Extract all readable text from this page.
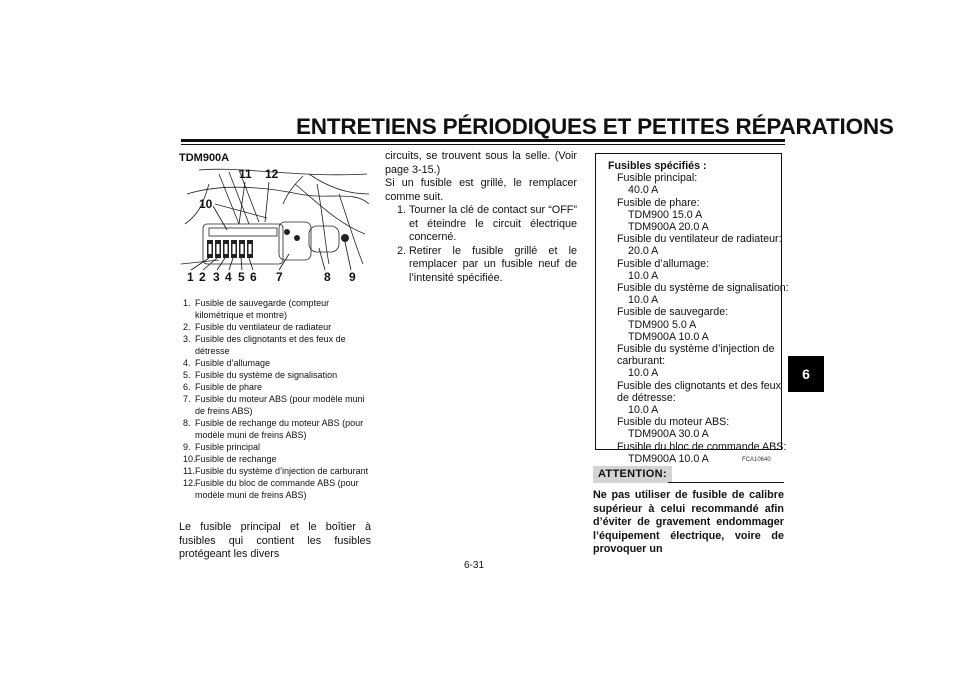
ENTRETIENS PÉRIODIQUES ET PETITES RÉPARATIONS
6
TDM900A
1 2 3 4 5 6 7	8 9
10
11 12
1. Fusible de sauvegarde (compteur kilométrique et montre)
2. Fusible du ventilateur de radiateur
3. Fusible des clignotants et des feux de détresse
4. Fusible d’allumage
5. Fusible du système de signalisation
6. Fusible de phare
7. Fusible du moteur ABS (pour modèle muni de freins ABS)
8. Fusible de rechange du moteur ABS (pour modèle muni de freins ABS)
9. Fusible principal
10. Fusible de rechange
11. Fusible du système d’injection de carburant
12. Fusible du bloc de commande ABS (pour modèle muni de freins ABS)
Le fusible principal et le boîtier à fusibles qui contient les fusibles protégeant les divers
circuits, se trouvent sous la selle. (Voir page 3-15.)
Si un fusible est grillé, le remplacer comme suit.
1. Tourner la clé de contact sur “OFF” et éteindre le circuit électrique concerné.
2. Retirer le fusible grillé et le remplacer par un fusible neuf de l’intensité spécifiée.
Fusibles spécifiés :
Fusible principal:
40.0 A
Fusible de phare:
TDM900 15.0 A
TDM900A 20.0 A
Fusible du ventilateur de radiateur:
20.0 A
Fusible d’allumage:
10.0 A
Fusible du système de signalisation:
10.0 A
Fusible de sauvegarde:
TDM900 5.0 A
TDM900A 10.0 A
Fusible du système d’injection de
carburant:
10.0 A
Fusible des clignotants et des feux
de détresse:
10.0 A
Fusible du moteur ABS:
TDM900A 30.0 A
Fusible du bloc de commande ABS:
TDM900A 10.0 A	FCA10640
ATTENTION:
Ne pas utiliser de fusible de calibre supérieur à celui recommandé afin d’éviter de gravement endommager l’équipement électrique, voire de provoquer un
6-31
